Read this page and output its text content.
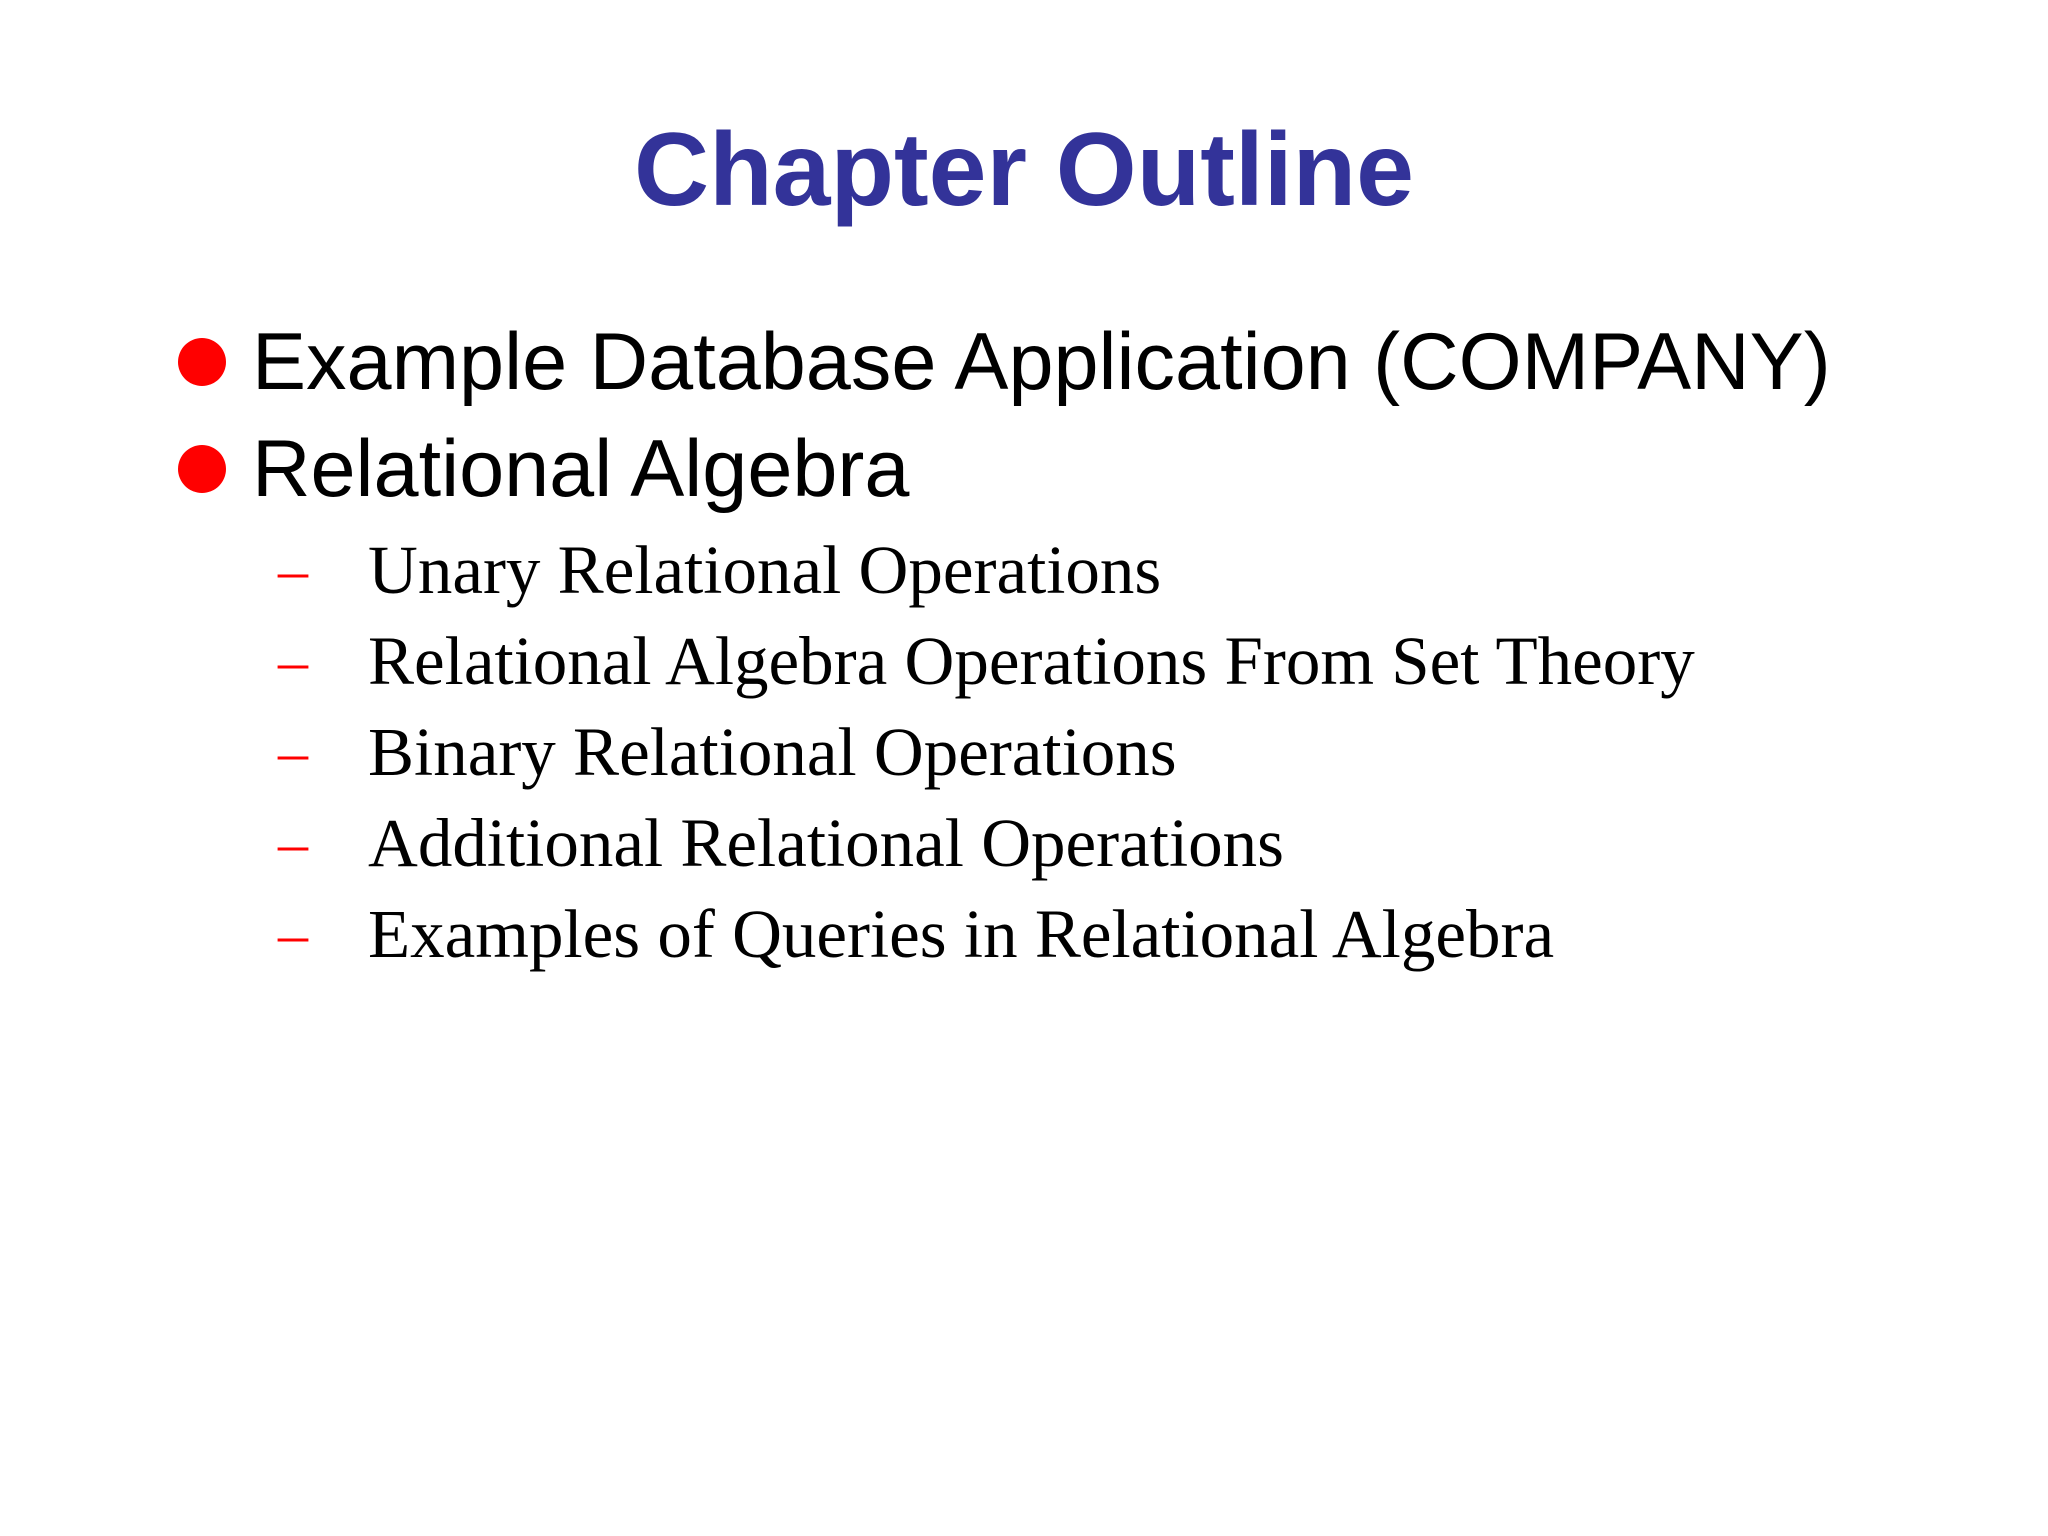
Chapter Outline
Example Database Application (COMPANY)
Relational Algebra
– Unary Relational Operations
– Relational Algebra Operations From Set Theory
– Binary Relational Operations
– Additional Relational Operations
– Examples of Queries in Relational Algebra
